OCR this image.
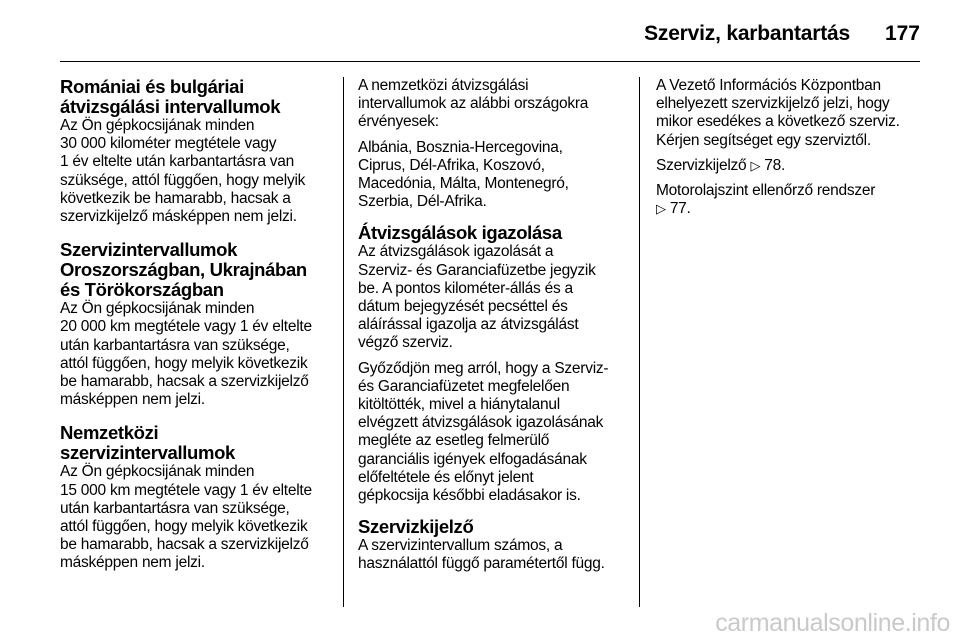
Szerviz, karbantartás 177
Romániai és bulgáriai
átvizsgálási intervallumok
Az Ön gépkocsijának minden
30 000 kilométer megtétele vagy
1 év eltelte után karbantartásra van
szüksége, attól függően, hogy melyik
következik be hamarabb, hacsak a
szervizkijelző másképpen nem jelzi.
Szervizintervallumok
Oroszországban, Ukrajnában
és Törökországban
Az Ön gépkocsijának minden
20 000 km megtétele vagy 1 év eltelte
után karbantartásra van szüksége,
attól függően, hogy melyik következik
be hamarabb, hacsak a szervizkijelző
másképpen nem jelzi.
Nemzetközi
szervizintervallumok
Az Ön gépkocsijának minden
15 000 km megtétele vagy 1 év eltelte
után karbantartásra van szüksége,
attól függően, hogy melyik következik
be hamarabb, hacsak a szervizkijelző
másképpen nem jelzi.
A nemzetközi átvizsgálási
intervallumok az alábbi országokra
érvényesek:
Albánia, Bosznia-Hercegovina,
Ciprus, Dél-Afrika, Koszovó,
Macedónia, Málta, Montenegró,
Szerbia, Dél-Afrika.
Átvizsgálások igazolása
Az átvizsgálások igazolását a
Szerviz- és Garanciafüzetbe jegyzik
be. A pontos kilométer-állás és a
dátum bejegyzését pecséttel és
aláírással igazolja az átvizsgálást
végző szerviz.
Győződjön meg arról, hogy a Szerviz-
és Garanciafüzetet megfelelően
kitöltötték, mivel a hiánytalanul
elvégzett átvizsgálások igazolásának
megléte az esetleg felmerülő
garanciális igények elfogadásának
előfeltétele és előnyt jelent
gépkocsija későbbi eladásakor is.
Szervizkijelző
A szervizintervallum számos, a
használattól függő paramétertől függ.
A Vezető Információs Központban
elhelyezett szervizkijelző jelzi, hogy
mikor esedékes a következő szerviz.
Kérjen segítséget egy szerviztől.
Szervizkijelző ▷ 78.
Motorolajszint ellenőrző rendszer
▷ 77.
carmanualsonline.info
